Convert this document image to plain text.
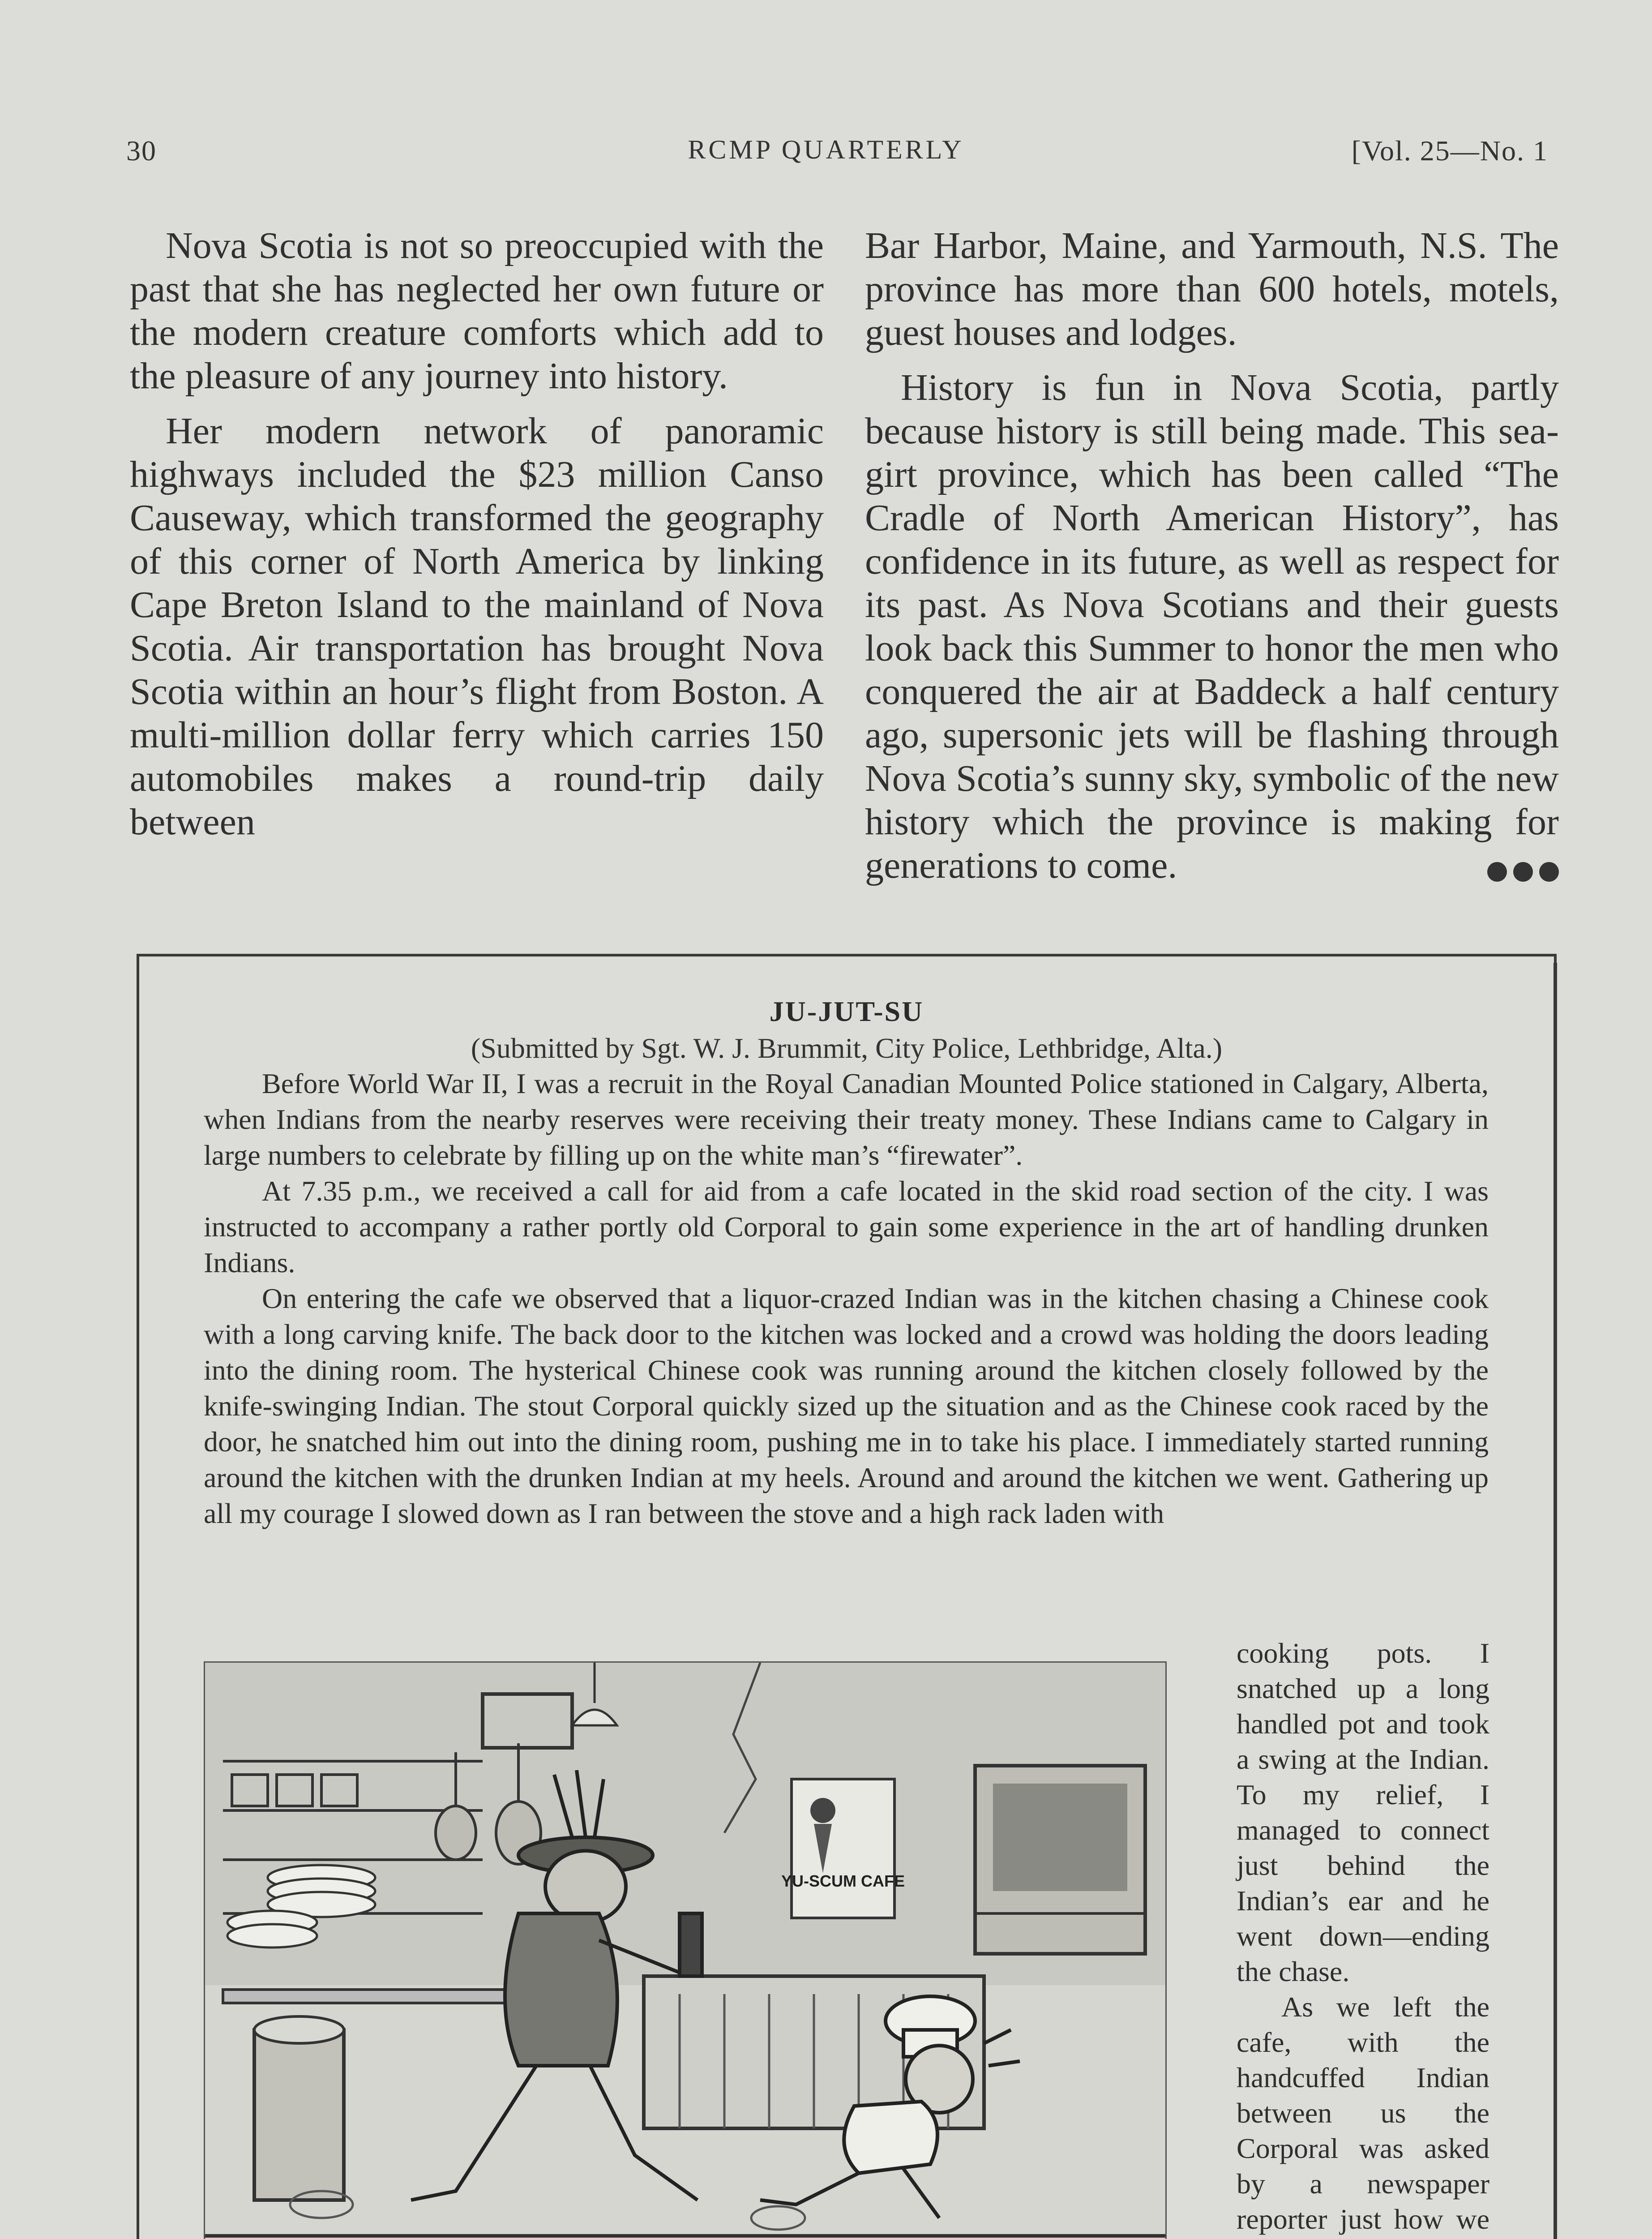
30	RCMP QUARTERLY	[Vol. 25—No. 1

Nova Scotia is not so preoccupied with the past that she has neglected her own future or the modern creature comforts which add to the pleasure of any journey into history.

Her modern network of panoramic highways included the $23 million Canso Causeway, which transformed the geography of this corner of North America by linking Cape Breton Island to the mainland of Nova Scotia. Air transportation has brought Nova Scotia within an hour’s flight from Boston. A multi-million dollar ferry which carries 150 automobiles makes a round-trip daily between

Bar Harbor, Maine, and Yarmouth, N.S. The province has more than 600 hotels, motels, guest houses and lodges.

History is fun in Nova Scotia, partly because history is still being made. This sea-girt province, which has been called “The Cradle of North American History”, has confidence in its future, as well as respect for its past. As Nova Scotians and their guests look back this Summer to honor the men who conquered the air at Baddeck a half century ago, supersonic jets will be flashing through Nova Scotia’s sunny sky, symbolic of the new history which the province is making for generations to come.

JU-JUT-SU
(Submitted by Sgt. W. J. Brummit, City Police, Lethbridge, Alta.)

Before World War II, I was a recruit in the Royal Canadian Mounted Police stationed in Calgary, Alberta, when Indians from the nearby reserves were receiving their treaty money. These Indians came to Calgary in large numbers to celebrate by filling up on the white man’s “firewater”.

At 7.35 p.m., we received a call for aid from a cafe located in the skid road section of the city. I was instructed to accompany a rather portly old Corporal to gain some experience in the art of handling drunken Indians.

On entering the cafe we observed that a liquor-crazed Indian was in the kitchen chasing a Chinese cook with a long carving knife. The back door to the kitchen was locked and a crowd was holding the doors leading into the dining room. The hysterical Chinese cook was running around the kitchen closely followed by the knife-swinging Indian. The stout Corporal quickly sized up the situation and as the Chinese cook raced by the door, he snatched him out into the dining room, pushing me in to take his place. I immediately started running around the kitchen with the drunken Indian at my heels. Around and around the kitchen we went. Gathering up all my courage I slowed down as I ran between the stove and a high rack laden with

cooking pots. I snatched up a long handled pot and took a swing at the Indian. To my relief, I managed to connect just behind the Indian’s ear and he went down—ending the chase.

As we left the cafe, with the handcuffed Indian between us the Corporal was asked by a newspaper reporter just how we

YU-SCUM CAFE
